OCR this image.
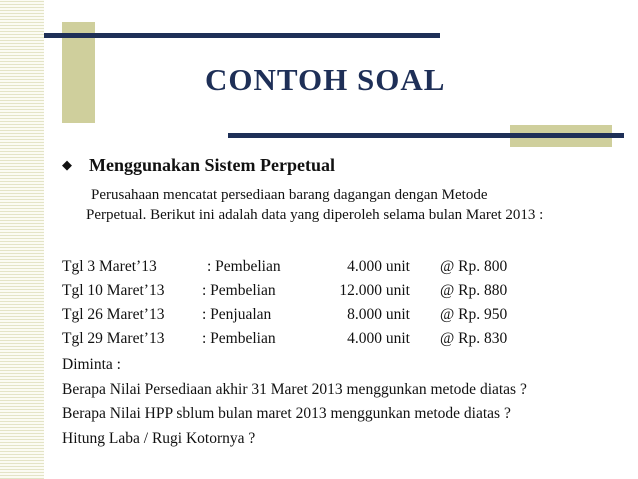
CONTOH SOAL
◆ Menggunakan Sistem Perpetual

Perusahaan mencatat persediaan barang dagangan dengan Metode
Perpetual. Berikut ini adalah data yang diperoleh selama bulan Maret 2013 :

Tgl 3 Maret’13	: Pembelian	4.000 unit @ Rp. 800
Tgl 10 Maret’13 : Pembelian	12.000 unit @ Rp. 880
Tgl 26 Maret’13 : Penjualan	8.000 unit @ Rp. 950
Tgl 29 Maret’13 : Pembelian	4.000 unit @ Rp. 830
Diminta :
Berapa Nilai Persediaan akhir 31 Maret 2013 menggunkan metode diatas ?
Berapa Nilai HPP sblum bulan maret 2013 menggunkan metode diatas ?
Hitung Laba / Rugi Kotornya ?
